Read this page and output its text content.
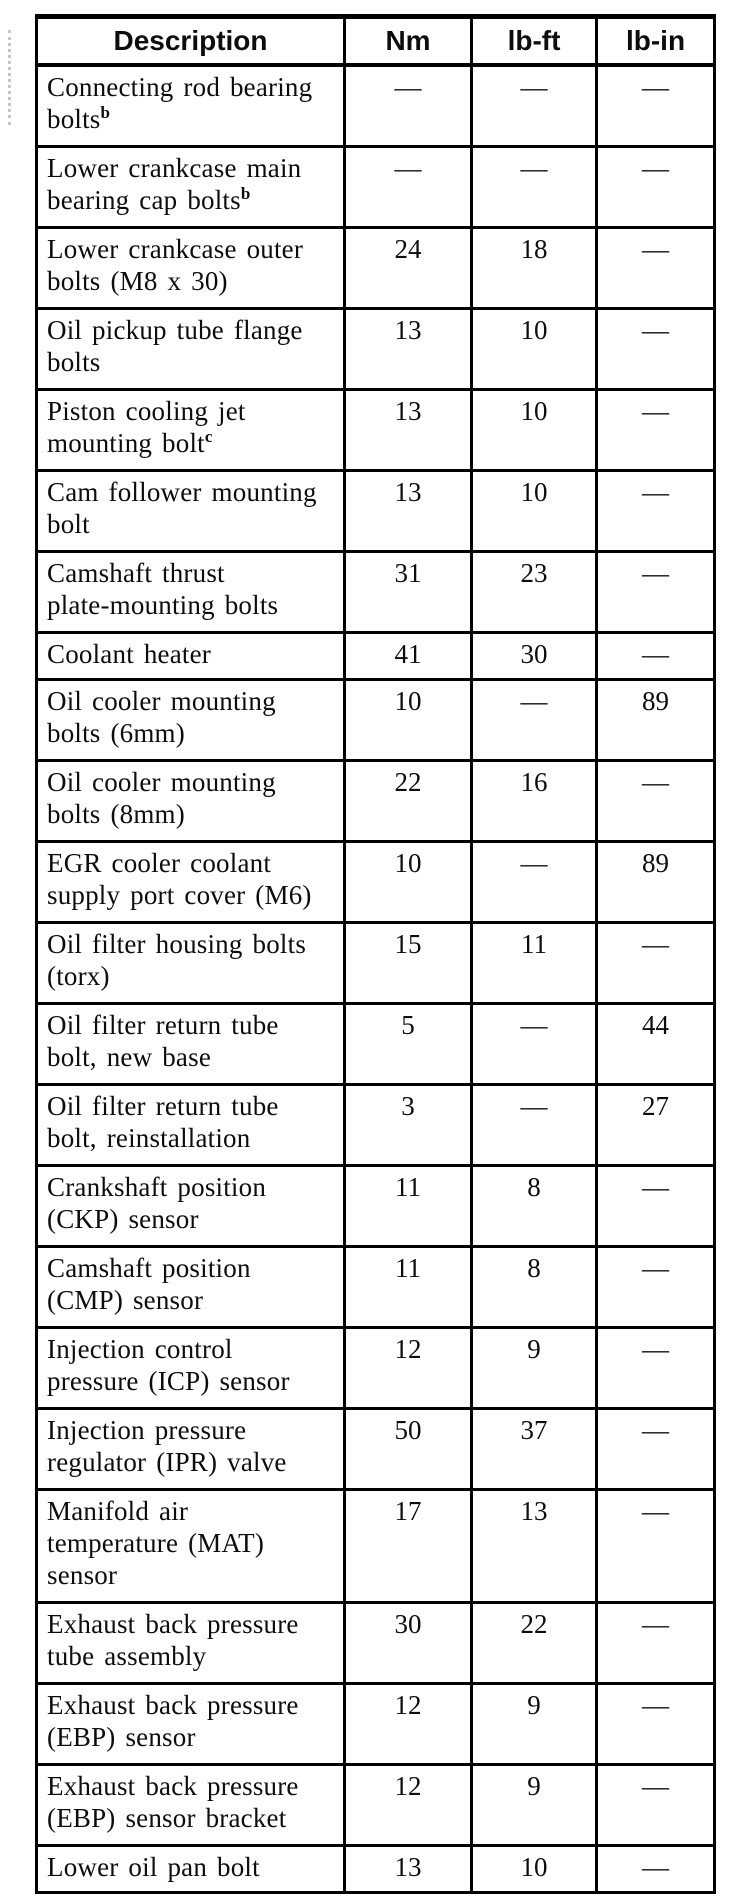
Description	Nm	lb-ft	lb-in

Connecting rod bearing
bolts$^b$	—	—	—

Lower crankcase main
bearing cap bolts$^b$	—	—	—

Lower crankcase outer
bolts (M8 x 30)	24	18	—

Oil pickup tube flange
bolts	13	10	—

Piston cooling jet
mounting bolt$^c$	13	10	—

Cam follower mounting
bolt	13	10	—

Camshaft thrust
plate-mounting bolts	31	23	—

Coolant heater	41	30	—

Oil cooler mounting
bolts (6mm)	10	—	89

Oil cooler mounting
bolts (8mm)	22	16	—

EGR cooler coolant
supply port cover (M6)	10	—	89

Oil filter housing bolts
(torx)	15	11	—

Oil filter return tube
bolt, new base	5	—	44

Oil filter return tube
bolt, reinstallation	3	—	27

Crankshaft position
(CKP) sensor	11	8	—

Camshaft position
(CMP) sensor	11	8	—

Injection control
pressure (ICP) sensor	12	9	—

Injection pressure
regulator (IPR) valve	50	37	—

Manifold air
temperature (MAT)
sensor	17	13	—

Exhaust back pressure
tube assembly	30	22	—

Exhaust back pressure
(EBP) sensor	12	9	—

Exhaust back pressure
(EBP) sensor bracket	12	9	—

Lower oil pan bolt	13	10	—
